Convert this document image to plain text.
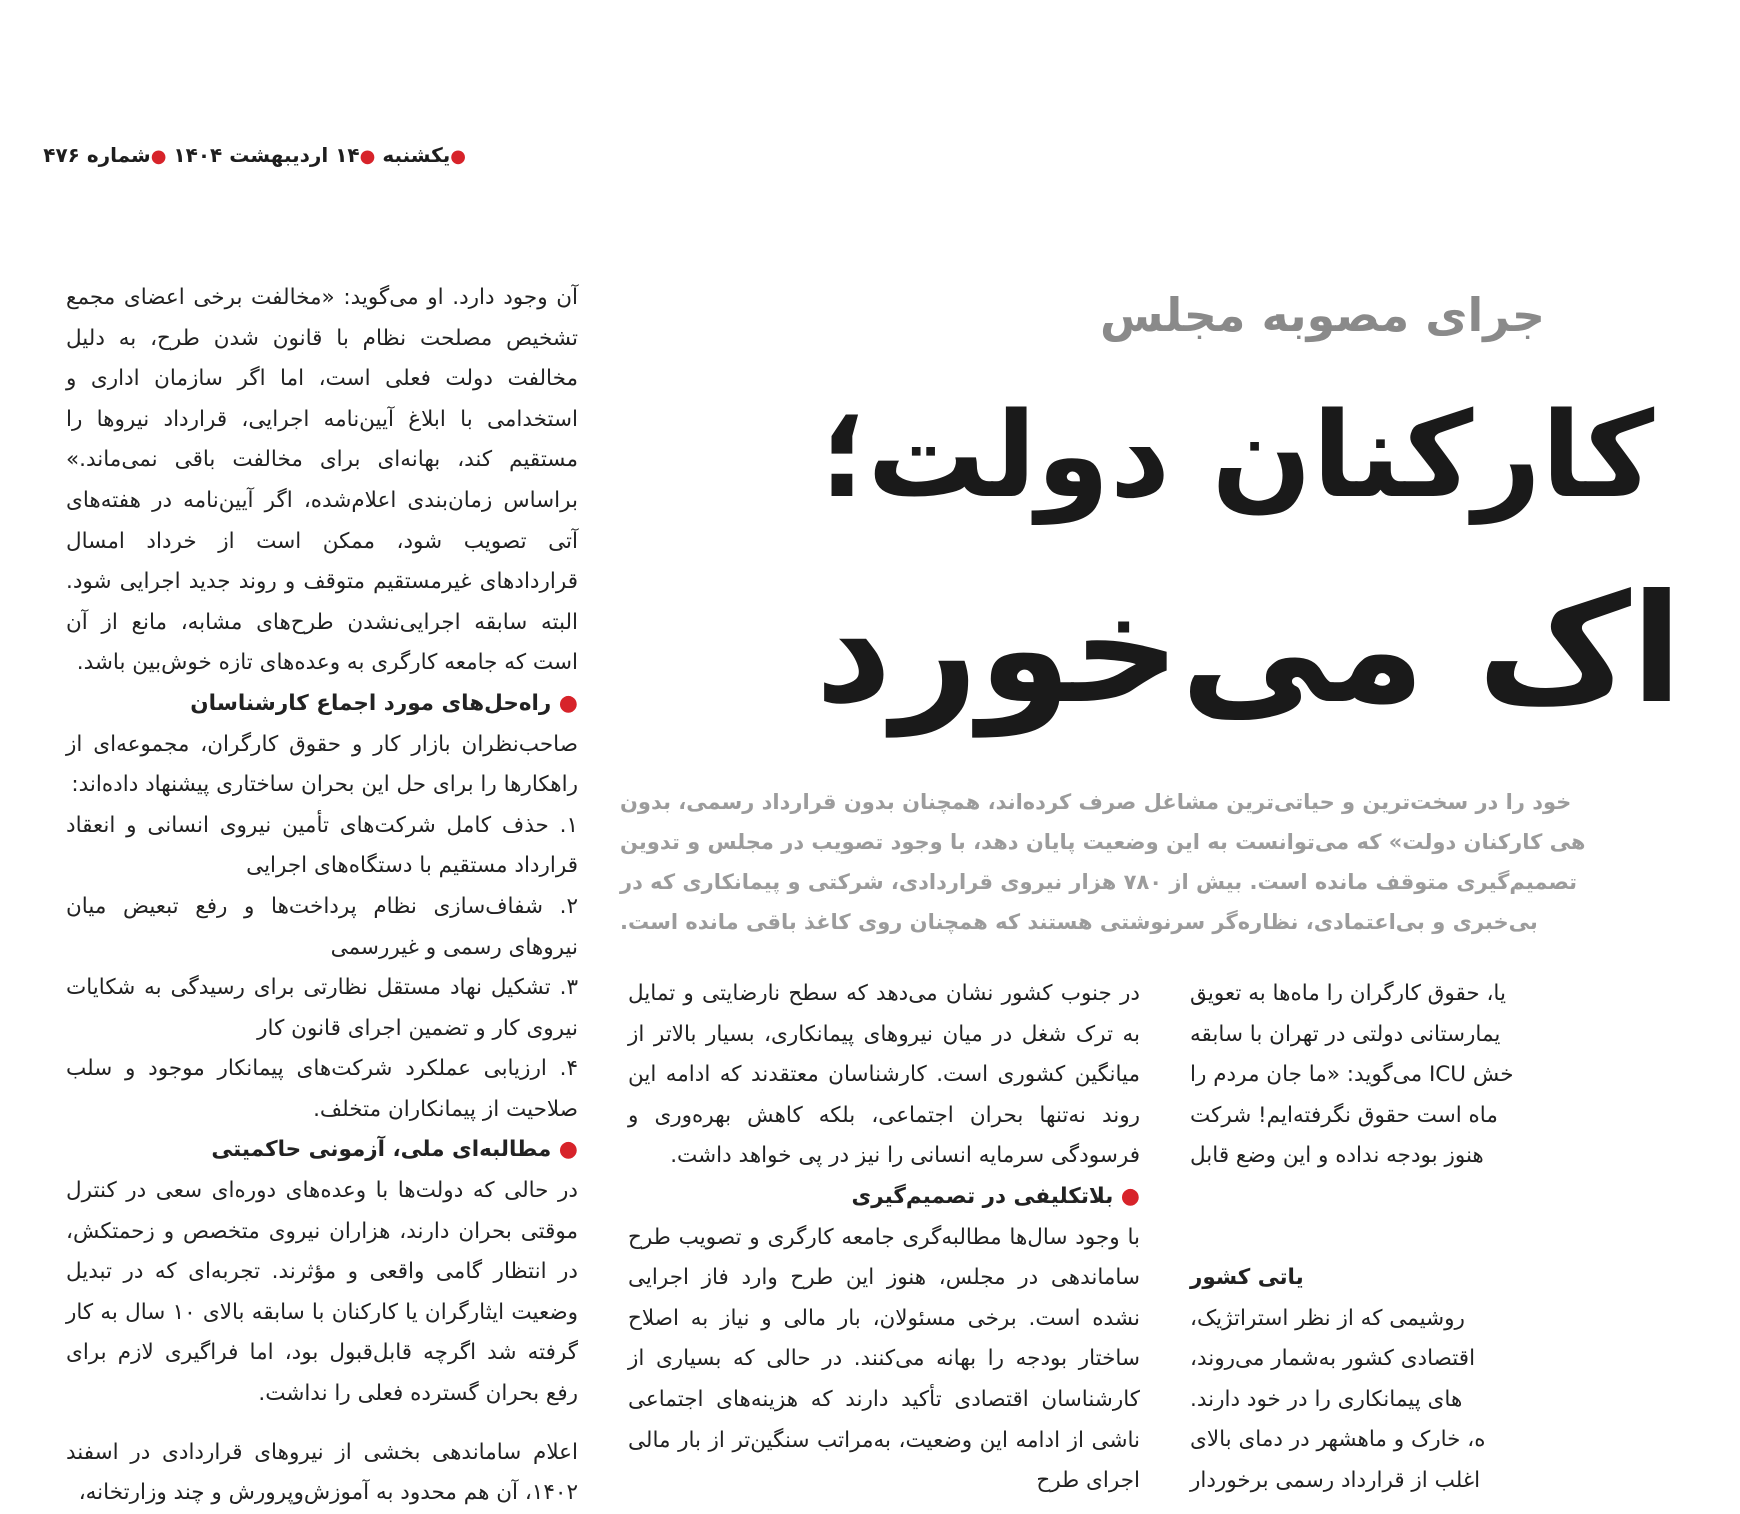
●یکشنبه ●۱۴ اردیبهشت ۱۴۰۴ ●شماره ۴۷۶
جرای مصوبه مجلس
کارکنان دولت؛
اک می‌خورد
خود را در سخت‌ترین و حیاتی‌ترین مشاغل صرف کرده‌اند، همچنان بدون قرارداد رسمی، بدون
هی کارکنان دولت» که می‌توانست به این وضعیت پایان دهد، با وجود تصویب در مجلس و تدوین
تصمیم‌گیری متوقف مانده است. بیش از ۷۸۰ هزار نیروی قراردادی، شرکتی و پیمانکاری که در
بی‌خبری و بی‌اعتمادی، نظاره‌گر سرنوشتی هستند که همچنان روی کاغذ باقی مانده است.

آن وجود دارد. او می‌گوید: «مخالفت برخی اعضای مجمع تشخیص مصلحت نظام با قانون شدن طرح، به دلیل مخالفت دولت فعلی است، اما اگر سازمان اداری و استخدامی با ابلاغ آیین‌نامه اجرایی، قرارداد نیروها را مستقیم کند، بهانه‌ای برای مخالفت باقی نمی‌ماند.» براساس زمان‌بندی اعلام‌شده، اگر آیین‌نامه در هفته‌های آتی تصویب شود، ممکن است از خرداد امسال قراردادهای غیرمستقیم متوقف و روند جدید اجرایی شود. البته سابقه اجرایی‌نشدن طرح‌های مشابه، مانع از آن است که جامعه کارگری به وعده‌های تازه خوش‌بین باشد.

● راه‌حل‌های مورد اجماع کارشناسان

صاحب‌نظران بازار کار و حقوق کارگران، مجموعه‌ای از راهکارها را برای حل این بحران ساختاری پیشنهاد داده‌اند:

۱. حذف کامل شرکت‌های تأمین نیروی انسانی و انعقاد قرارداد مستقیم با دستگاه‌های اجرایی

۲. شفاف‌سازی نظام پرداخت‌ها و رفع تبعیض میان نیروهای رسمی و غیررسمی

۳. تشکیل نهاد مستقل نظارتی برای رسیدگی به شکایات نیروی کار و تضمین اجرای قانون کار

۴. ارزیابی عملکرد شرکت‌های پیمانکار موجود و سلب صلاحیت از پیمانکاران متخلف.

● مطالبه‌ای ملی، آزمونی حاکمیتی

در حالی که دولت‌ها با وعده‌های دوره‌ای سعی در کنترل موقتی بحران دارند، هزاران نیروی متخصص و زحمتکش، در انتظار گامی واقعی و مؤثرند. تجربه‌ای که در تبدیل وضعیت ایثارگران یا کارکنان با سابقه بالای ۱۰ سال به کار گرفته شد اگرچه قابل‌قبول بود، اما فراگیری لازم برای رفع بحران گسترده فعلی را نداشت.

اعلام ساماندهی بخشی از نیروهای قراردادی در اسفند ۱۴۰۲، آن هم محدود به آموزش‌وپرورش و چند وزارتخانه،

در جنوب کشور نشان می‌دهد که سطح نارضایتی و تمایل به ترک شغل در میان نیروهای پیمانکاری، بسیار بالاتر از میانگین کشوری است. کارشناسان معتقدند که ادامه این روند نه‌تنها بحران اجتماعی، بلکه کاهش بهره‌وری و فرسودگی سرمایه انسانی را نیز در پی خواهد داشت.

● بلاتکلیفی در تصمیم‌گیری

با وجود سال‌ها مطالبه‌گری جامعه کارگری و تصویب طرح ساماندهی در مجلس، هنوز این طرح وارد فاز اجرایی نشده است. برخی مسئولان، بار مالی و نیاز به اصلاح ساختار بودجه را بهانه می‌کنند. در حالی که بسیاری از کارشناسان اقتصادی تأکید دارند که هزینه‌های اجتماعی ناشی از ادامه این وضعیت، به‌مراتب سنگین‌تر از بار مالی اجرای طرح

یا، حقوق کارگران را ماه‌ها به تعویق
یمارستانی دولتی در تهران با سابقه
خش ICU می‌گوید: «ما جان مردم را
ماه است حقوق نگرفته‌ایم! شرکت
هنوز بودجه نداده و این وضع قابل
یاتی کشور
روشیمی که از نظر استراتژیک،
اقتصادی کشور به‌شمار می‌روند،
های پیمانکاری را در خود دارند.
ه، خارک و ماهشهر در دمای بالای
اغلب از قرارداد رسمی برخوردار
